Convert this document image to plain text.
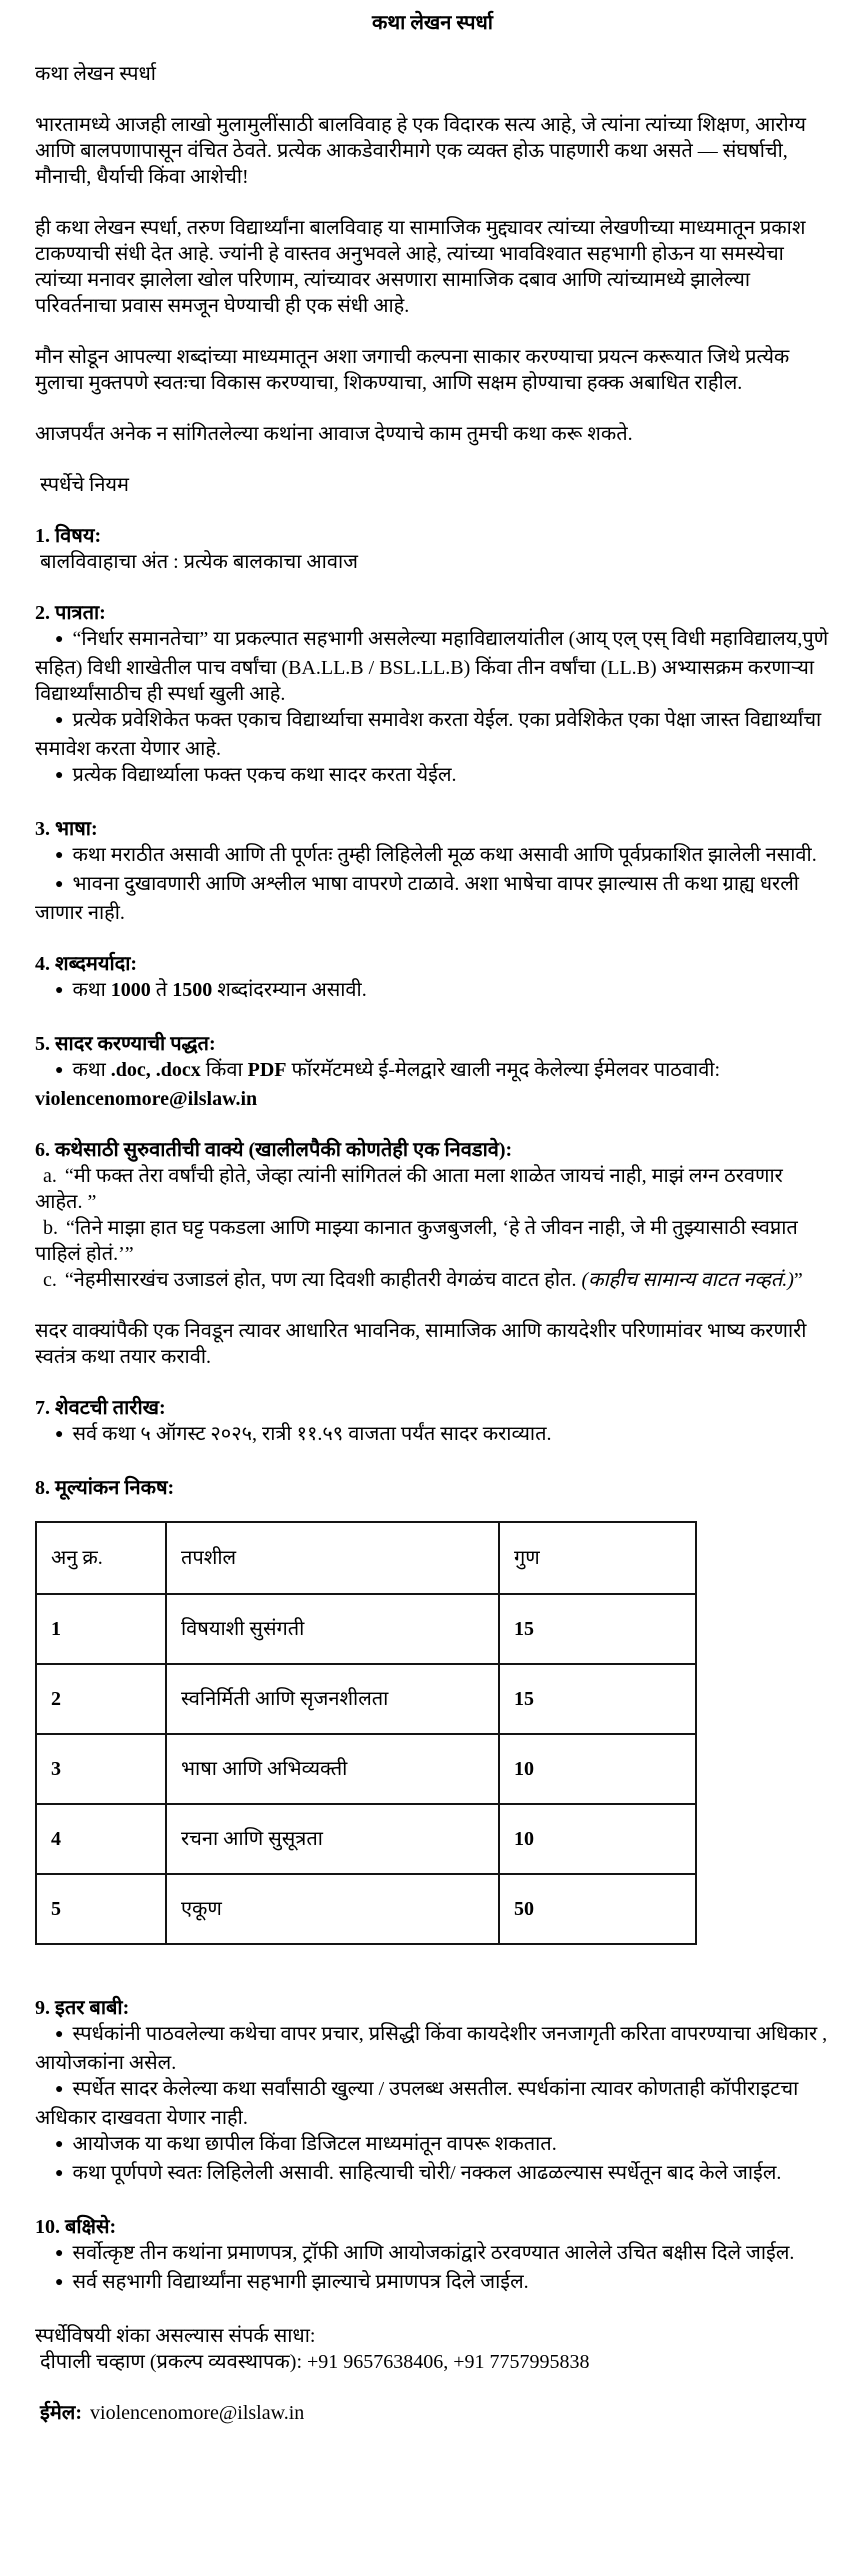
कथा लेखन स्पर्धा

कथा लेखन स्पर्धा

भारतामध्ये आजही लाखो मुलामुलींसाठी बालविवाह हे एक विदारक सत्य आहे, जे त्यांना त्यांच्या शिक्षण, आरोग्य आणि बालपणापासून वंचित ठेवते. प्रत्येक आकडेवारीमागे एक व्यक्त होऊ पाहणारी कथा असते — संघर्षाची, मौनाची, धैर्याची किंवा आशेची!

ही कथा लेखन स्पर्धा, तरुण विद्यार्थ्यांना बालविवाह या सामाजिक मुद्द्यावर त्यांच्या लेखणीच्या माध्यमातून प्रकाश टाकण्याची संधी देत आहे. ज्यांनी हे वास्तव अनुभवले आहे, त्यांच्या भावविश्वात सहभागी होऊन या समस्येचा त्यांच्या मनावर झालेला खोल परिणाम, त्यांच्यावर असणारा सामाजिक दबाव आणि त्यांच्यामध्ये झालेल्या परिवर्तनाचा प्रवास समजून घेण्याची ही एक संधी आहे.

मौन सोडून आपल्या शब्दांच्या माध्यमातून अशा जगाची कल्पना साकार करण्याचा प्रयत्न करूयात जिथे प्रत्येक मुलाचा मुक्तपणे स्वतःचा विकास करण्याचा, शिकण्याचा, आणि सक्षम होण्याचा हक्क अबाधित राहील.

आजपर्यंत अनेक न सांगितलेल्या कथांना आवाज देण्याचे काम तुमची कथा करू शकते.

स्पर्धेचे नियम

1. विषय:

बालविवाहाचा अंत : प्रत्येक बालकाचा आवाज

2. पात्रता:

● “निर्धार समानतेचा” या प्रकल्पात सहभागी असलेल्या महाविद्यालयांतील (आय् एल् एस् विधी महाविद्यालय,पुणे सहित) विधी शाखेतील पाच वर्षांचा (BA.LL.B / BSL.LL.B) किंवा तीन वर्षांचा (LL.B) अभ्यासक्रम करणाऱ्या विद्यार्थ्यांसाठीच ही स्पर्धा खुली आहे.

● प्रत्येक प्रवेशिकेत फक्त एकाच विद्यार्थ्याचा समावेश करता येईल. एका प्रवेशिकेत एका पेक्षा जास्त विद्यार्थ्यांचा समावेश करता येणार आहे.

● प्रत्येक विद्यार्थ्याला फक्त एकच कथा सादर करता येईल.

3. भाषा:

● कथा मराठीत असावी आणि ती पूर्णतः तुम्ही लिहिलेली मूळ कथा असावी आणि पूर्वप्रकाशित झालेली नसावी.

● भावना दुखावणारी आणि अश्लील भाषा वापरणे टाळावे. अशा भाषेचा वापर झाल्यास ती कथा ग्राह्य धरली जाणार नाही.

4. शब्दमर्यादा:

● कथा 1000 ते 1500 शब्दांदरम्यान असावी.

5. सादर करण्याची पद्धत:

● कथा .doc, .docx किंवा PDF फॉरमॅटमध्ये ई-मेलद्वारे खाली नमूद केलेल्या ईमेलवर पाठवावी:

violencenomore@ilslaw.in

6. कथेसाठी सुरुवातीची वाक्ये (खालीलपैकी कोणतेही एक निवडावे):

a. “मी फक्त तेरा वर्षांची होते, जेव्हा त्यांनी सांगितलं की आता मला शाळेत जायचं नाही, माझं लग्न ठरवणार आहेत. ”

b. “तिने माझा हात घट्ट पकडला आणि माझ्या कानात कुजबुजली, ‘हे ते जीवन नाही, जे मी तुझ्यासाठी स्वप्नात पाहिलं होतं.’”

c. “नेहमीसारखंच उजाडलं होत, पण त्या दिवशी काहीतरी वेगळंच वाटत होत. (काहीच सामान्य वाटत नव्हतं.)”

सदर वाक्यांपैकी एक निवडून त्यावर आधारित भावनिक, सामाजिक आणि कायदेशीर परिणामांवर भाष्य करणारी स्वतंत्र कथा तयार करावी.

7. शेवटची तारीख:

● सर्व कथा ५ ऑगस्ट २०२५, रात्री ११.५९ वाजता पर्यंत सादर कराव्यात.

8. मूल्यांकन निकष:

अनु क्र.	तपशील	गुण
1	विषयाशी सुसंगती	15
2	स्वनिर्मिती आणि सृजनशीलता	15
3	भाषा आणि अभिव्यक्ती	10
4	रचना आणि सुसूत्रता	10
5	एकूण	50

9. इतर बाबी:

● स्पर्धकांनी पाठवलेल्या कथेचा वापर प्रचार, प्रसिद्धी किंवा कायदेशीर जनजागृती करिता वापरण्याचा अधिकार , आयोजकांना असेल.

● स्पर्धेत सादर केलेल्या कथा सर्वांसाठी खुल्या / उपलब्ध असतील. स्पर्धकांना त्यावर कोणताही कॉपीराइटचा अधिकार दाखवता येणार नाही.

● आयोजक या कथा छापील किंवा डिजिटल माध्यमांतून वापरू शकतात.

● कथा पूर्णपणे स्वतः लिहिलेली असावी. साहित्याची चोरी/ नक्कल आढळल्यास स्पर्धेतून बाद केले जाईल.

10. बक्षिसे:

● सर्वोत्कृष्ट तीन कथांना प्रमाणपत्र, ट्रॉफी आणि आयोजकांद्वारे ठरवण्यात आलेले उचित बक्षीस दिले जाईल.

● सर्व सहभागी विद्यार्थ्यांना सहभागी झाल्याचे प्रमाणपत्र दिले जाईल.

स्पर्धेविषयी शंका असल्यास संपर्क साधा:

दीपाली चव्हाण (प्रकल्प व्यवस्थापक): +91 9657638406, +91 7757995838

ईमेल: violencenomore@ilslaw.in
